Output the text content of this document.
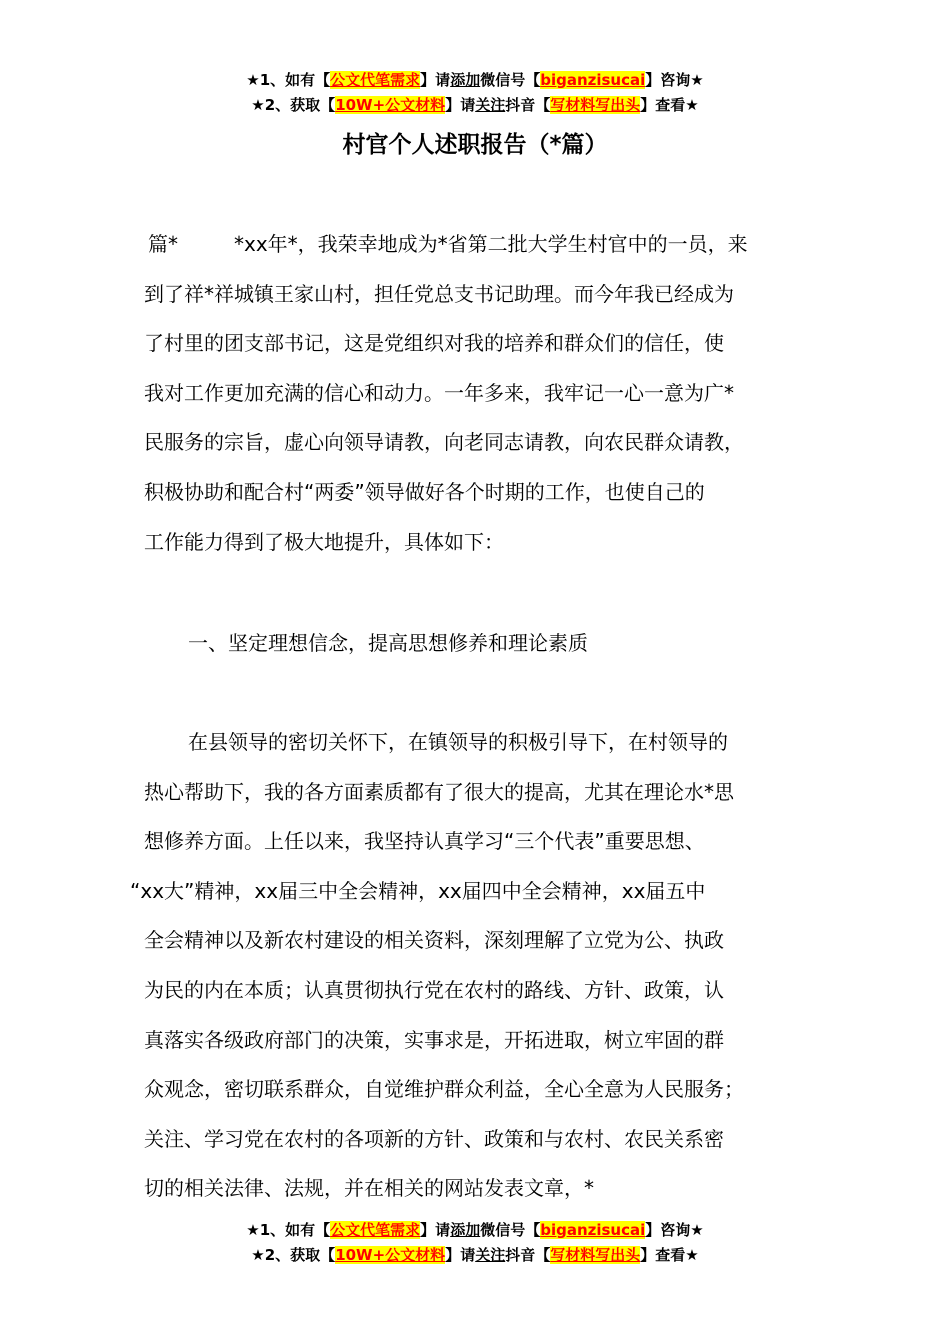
★1、如有【公文代笔需求】请添加微信号【biganzisucai】咨询★
★2、获取【10W+公文材料】请关注抖音【写材料写出头】查看★
村官个人述职报告（*篇）
篇*	*xx年*，我荣幸地成为*省第二批大学生村官中的一员，来
到了祥*祥城镇王家山村，担任党总支书记助理。而今年我已经成为
了村里的团支部书记，这是党组织对我的培养和群众们的信任，使
我对工作更加充满的信心和动力。一年多来，我牢记一心一意为广*
民服务的宗旨，虚心向领导请教，向老同志请教，向农民群众请教，
积极协助和配合村“两委”领导做好各个时期的工作，也使自己的
工作能力得到了极大地提升，具体如下：
一、坚定理想信念，提高思想修养和理论素质
在县领导的密切关怀下，在镇领导的积极引导下，在村领导的
热心帮助下，我的各方面素质都有了很大的提高，尤其在理论水*思
想修养方面。上任以来，我坚持认真学习“三个代表”重要思想、
“xx大”精神，xx届三中全会精神，xx届四中全会精神，xx届五中
全会精神以及新农村建设的相关资料，深刻理解了立党为公、执政
为民的内在本质；认真贯彻执行党在农村的路线、方针、政策，认
真落实各级政府部门的决策，实事求是，开拓进取，树立牢固的群
众观念，密切联系群众，自觉维护群众利益，全心全意为人民服务；
关注、学习党在农村的各项新的方针、政策和与农村、农民关系密
切的相关法律、法规，并在相关的网站发表文章，*
★1、如有【公文代笔需求】请添加微信号【biganzisucai】咨询★
★2、获取【10W+公文材料】请关注抖音【写材料写出头】查看★
